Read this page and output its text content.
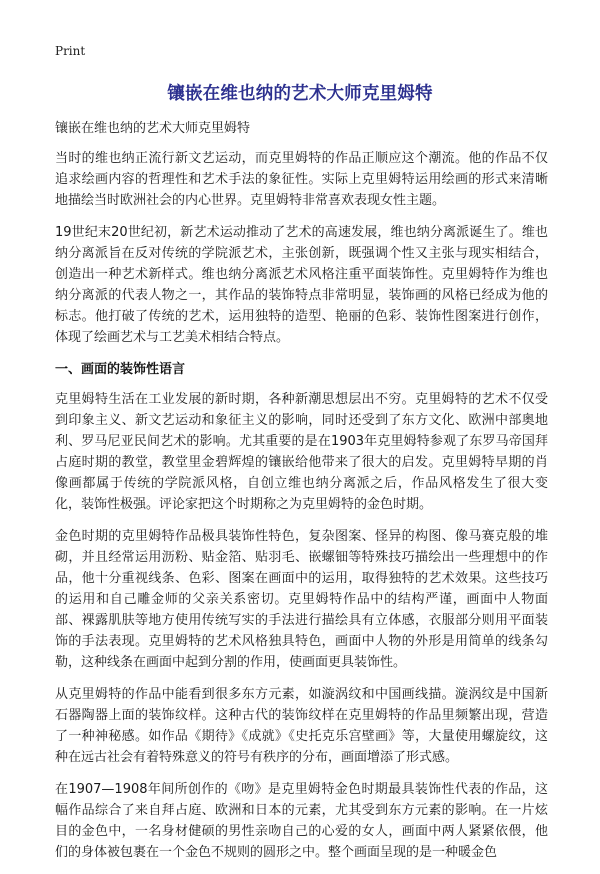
Print
镶嵌在维也纳的艺术大师克里姆特

镶嵌在维也纳的艺术大师克里姆特

当时的维也纳正流行新文艺运动，而克里姆特的作品正顺应这个潮流。他的作品不仅追求绘画内容的哲理性和艺术手法的象征性。实际上克里姆特运用绘画的形式来清晰地描绘当时欧洲社会的内心世界。克里姆特非常喜欢表现女性主题。

19世纪末20世纪初，新艺术运动推动了艺术的高速发展，维也纳分离派诞生了。维也纳分离派旨在反对传统的学院派艺术，主张创新，既强调个性又主张与现实相结合，创造出一种艺术新样式。维也纳分离派艺术风格注重平面装饰性。克里姆特作为维也纳分离派的代表人物之一，其作品的装饰特点非常明显，装饰画的风格已经成为他的标志。他打破了传统的艺术，运用独特的造型、艳丽的色彩、装饰性图案进行创作，体现了绘画艺术与工艺美术相结合特点。

一、画面的装饰性语言

克里姆特生活在工业发展的新时期，各种新潮思想层出不穷。克里姆特的艺术不仅受到印象主义、新文艺运动和象征主义的影响，同时还受到了东方文化、欧洲中部奥地利、罗马尼亚民间艺术的影响。尤其重要的是在1903年克里姆特参观了东罗马帝国拜占庭时期的教堂，教堂里金碧辉煌的镶嵌给他带来了很大的启发。克里姆特早期的肖像画都属于传统的学院派风格，自创立维也纳分离派之后，作品风格发生了很大变化，装饰性极强。评论家把这个时期称之为克里姆特的金色时期。

金色时期的克里姆特作品极具装饰性特色，复杂图案、怪异的构图、像马赛克般的堆砌，并且经常运用沥粉、贴金箔、贴羽毛、嵌螺钿等特殊技巧描绘出一些理想中的作品，他十分重视线条、色彩、图案在画面中的运用，取得独特的艺术效果。这些技巧的运用和自己雕金师的父亲关系密切。克里姆特作品中的结构严谨，画面中人物面部、裸露肌肤等地方使用传统写实的手法进行描绘具有立体感，衣服部分则用平面装饰的手法表现。克里姆特的艺术风格独具特色，画面中人物的外形是用简单的线条勾勒，这种线条在画面中起到分割的作用，使画面更具装饰性。

从克里姆特的作品中能看到很多东方元素，如漩涡纹和中国画线描。漩涡纹是中国新石器陶器上面的装饰纹样。这种古代的装饰纹样在克里姆特的作品里频繁出现，营造了一种神秘感。如作品《期待》《成就》《史托克乐宫壁画》等，大量使用螺旋纹，这种在远古社会有着特殊意义的符号有秩序的分布，画面增添了形式感。

在1907—1908年间所创作的《吻》是克里姆特金色时期最具装饰性代表的作品，这幅作品综合了来自拜占庭、欧洲和日本的元素，尤其受到东方元素的影响。在一片炫目的金色中，一名身材健硕的男性亲吻自己的心爱的女人，画面中两人紧紧依偎，他们的身体被包裹在一个金色不规则的圆形之中。整个画面呈现的是一种暖金色
